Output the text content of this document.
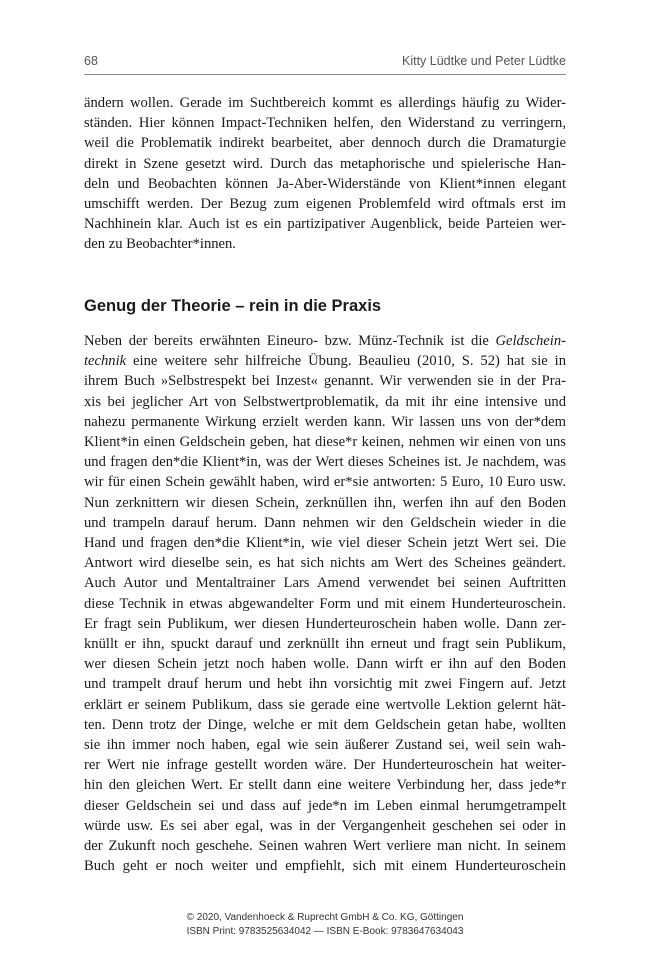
68	Kitty Lüdtke und Peter Lüdtke
ändern wollen. Gerade im Suchtbereich kommt es allerdings häufig zu Wider-
ständen. Hier können Impact-Techniken helfen, den Widerstand zu verringern,
weil die Problematik indirekt bearbeitet, aber dennoch durch die Dramaturgie
direkt in Szene gesetzt wird. Durch das metaphorische und spielerische Han-
deln und Beobachten können Ja-Aber-Widerstände von Klient*innen elegant
umschifft werden. Der Bezug zum eigenen Problemfeld wird oftmals erst im
Nachhinein klar. Auch ist es ein partizipativer Augenblick, beide Parteien wer-
den zu Beobachter*innen.
Genug der Theorie – rein in die Praxis
Neben der bereits erwähnten Eineuro- bzw. Münz-Technik ist die Geldschein-
technik eine weitere sehr hilfreiche Übung. Beaulieu (2010, S. 52) hat sie in
ihrem Buch »Selbstrespekt bei Inzest« genannt. Wir verwenden sie in der Pra-
xis bei jeglicher Art von Selbstwertproblematik, da mit ihr eine intensive und
nahezu permanente Wirkung erzielt werden kann. Wir lassen uns von der*dem
Klient*in einen Geldschein geben, hat diese*r keinen, nehmen wir einen von uns
und fragen den*die Klient*in, was der Wert dieses Scheines ist. Je nachdem, was
wir für einen Schein gewählt haben, wird er*sie antworten: 5 Euro, 10 Euro usw.
Nun zerknittern wir diesen Schein, zerknüllen ihn, werfen ihn auf den Boden
und trampeln darauf herum. Dann nehmen wir den Geldschein wieder in die
Hand und fragen den*die Klient*in, wie viel dieser Schein jetzt Wert sei. Die
Antwort wird dieselbe sein, es hat sich nichts am Wert des Scheines geändert.
Auch Autor und Mentaltrainer Lars Amend verwendet bei seinen Auftritten
diese Technik in etwas abgewandelter Form und mit einem Hunderteuroschein.
Er fragt sein Publikum, wer diesen Hunderteuroschein haben wolle. Dann zer-
knüllt er ihn, spuckt darauf und zerknüllt ihn erneut und fragt sein Publikum,
wer diesen Schein jetzt noch haben wolle. Dann wirft er ihn auf den Boden
und trampelt drauf herum und hebt ihn vorsichtig mit zwei Fingern auf. Jetzt
erklärt er seinem Publikum, dass sie gerade eine wertvolle Lektion gelernt hät-
ten. Denn trotz der Dinge, welche er mit dem Geldschein getan habe, wollten
sie ihn immer noch haben, egal wie sein äußerer Zustand sei, weil sein wah-
rer Wert nie infrage gestellt worden wäre. Der Hunderteuroschein hat weiter-
hin den gleichen Wert. Er stellt dann eine weitere Verbindung her, dass jede*r
dieser Geldschein sei und dass auf jede*n im Leben einmal herumgetrampelt
würde usw. Es sei aber egal, was in der Vergangenheit geschehen sei oder in
der Zukunft noch geschehe. Seinen wahren Wert verliere man nicht. In seinem
Buch geht er noch weiter und empfiehlt, sich mit einem Hunderteuroschein
© 2020, Vandenhoeck & Ruprecht GmbH & Co. KG, Göttingen
ISBN Print: 9783525634042 — ISBN E-Book: 9783647634043
